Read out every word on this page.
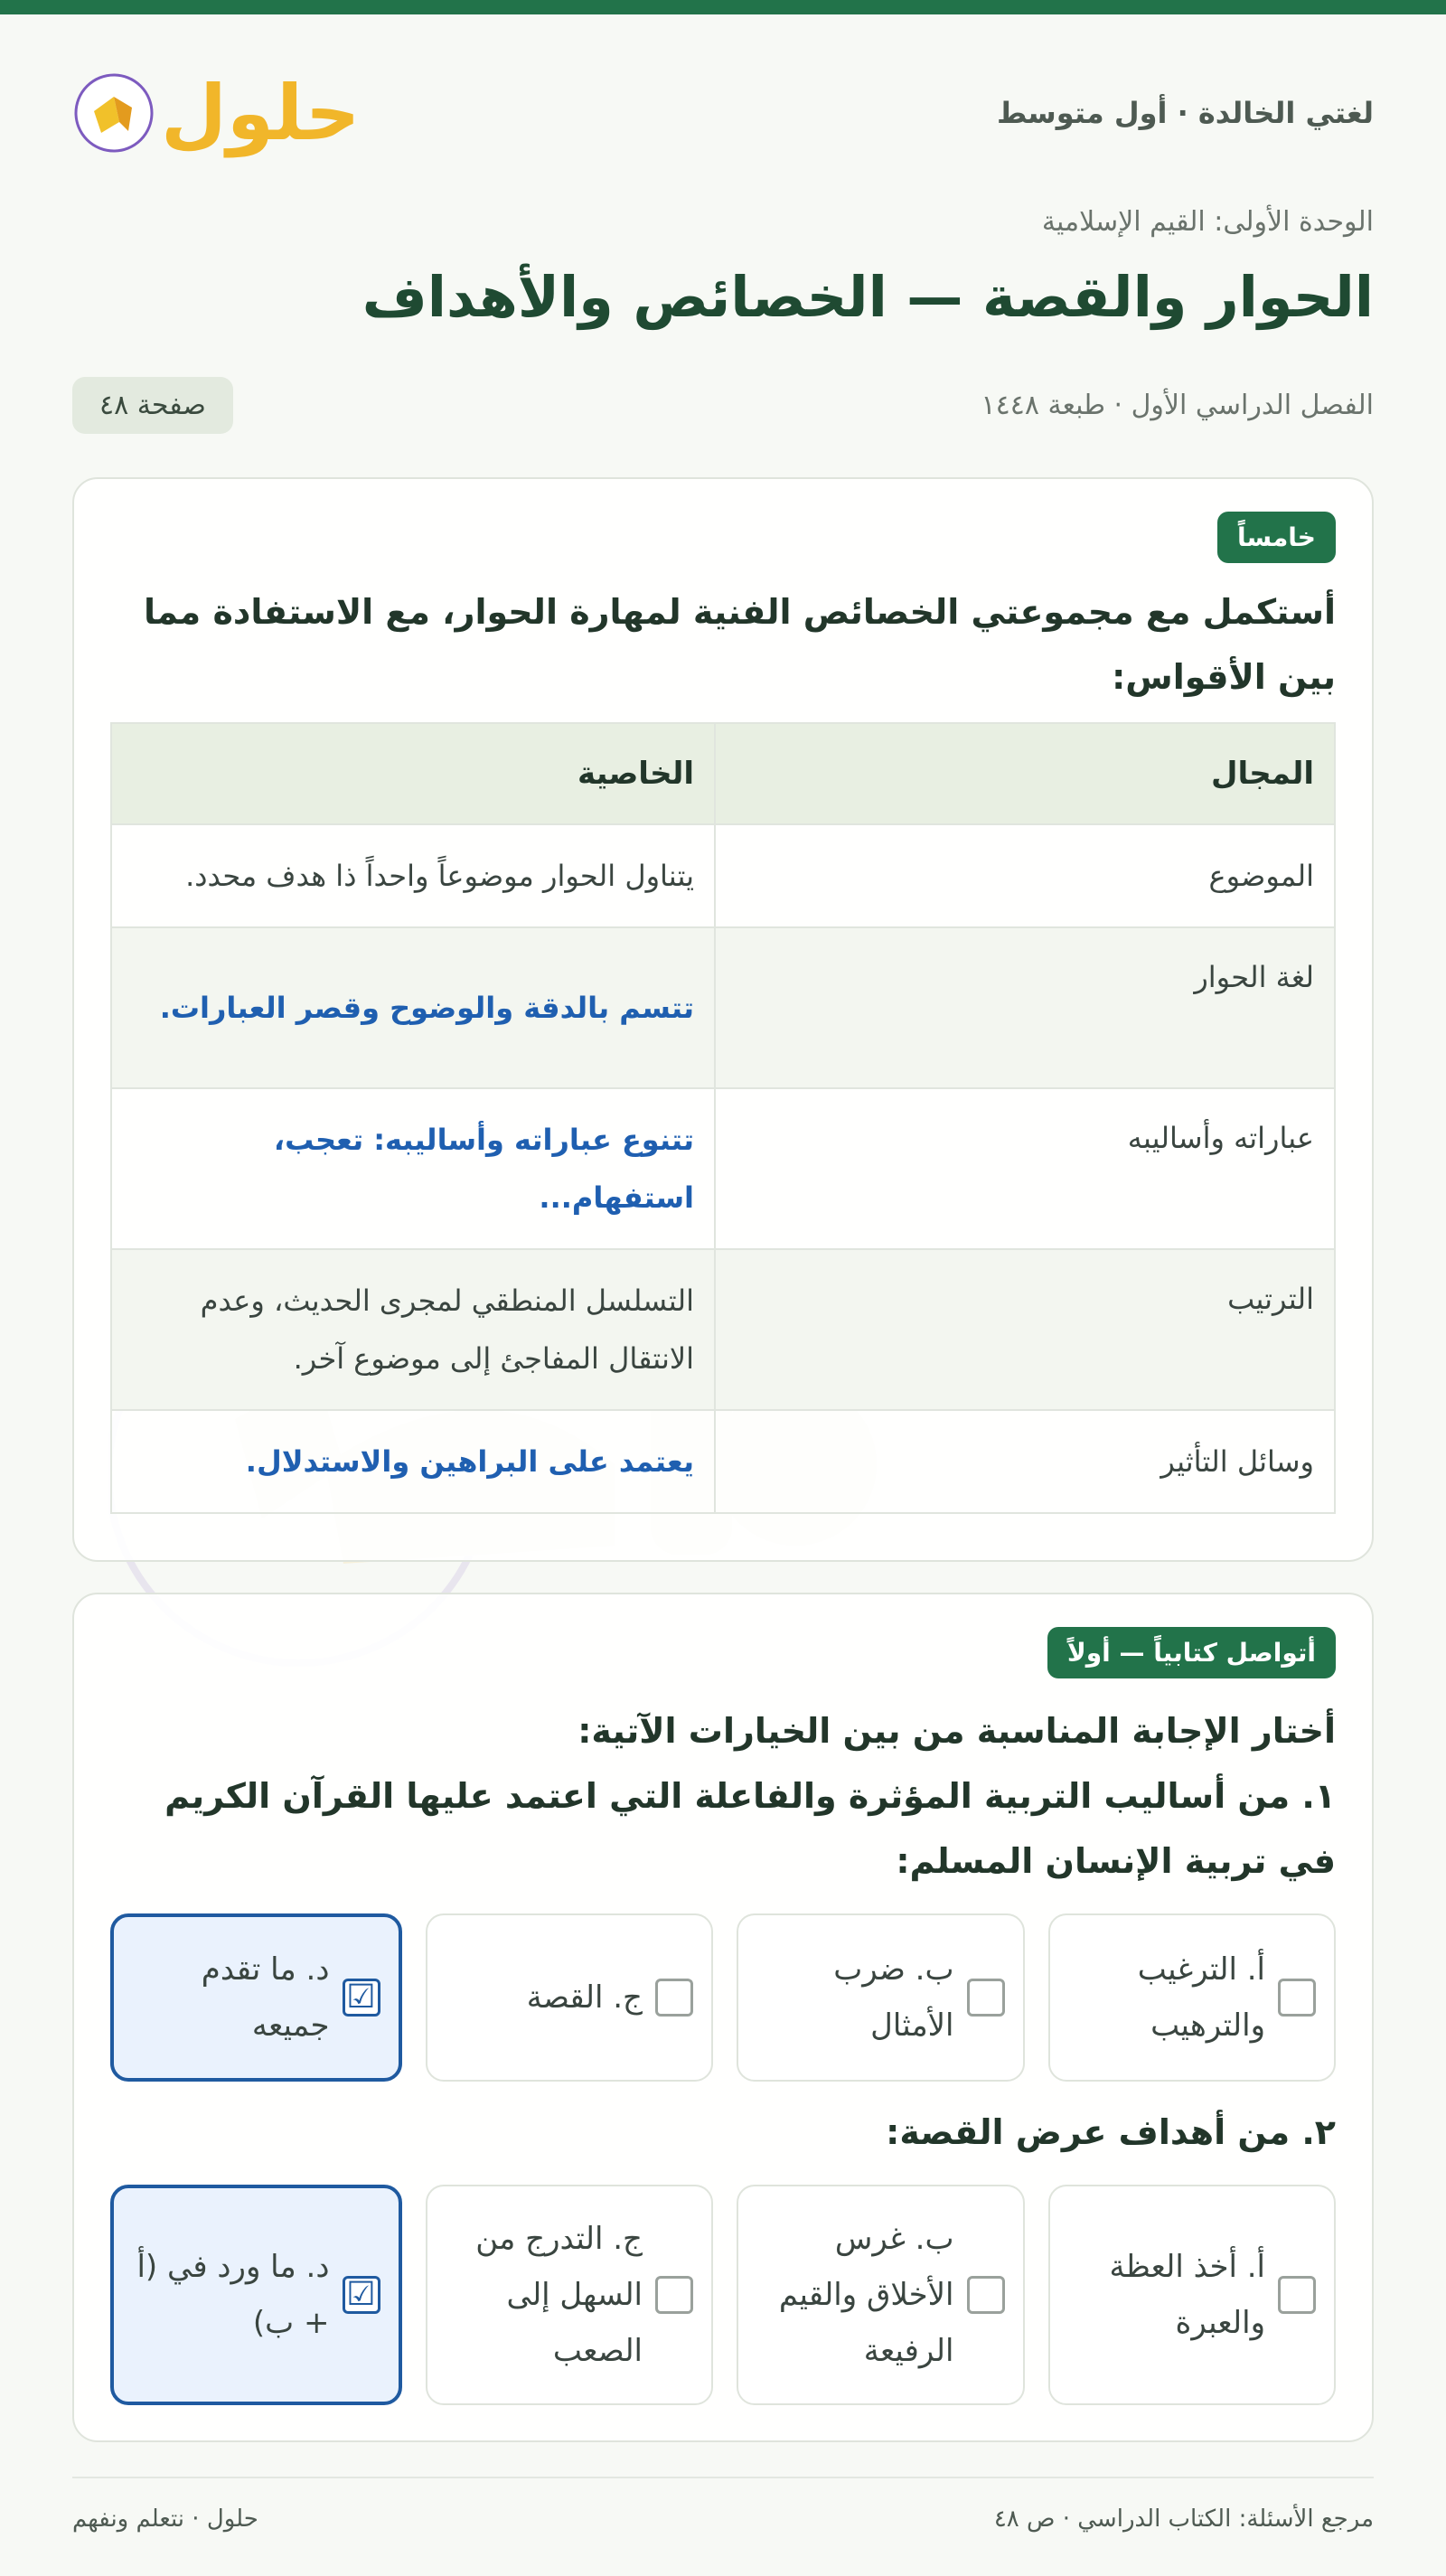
لغتي الخالدة · أول متوسط
حلول
الوحدة الأولى: القيم الإسلامية
الحوار والقصة — الخصائص والأهداف
الفصل الدراسي الأول · طبعة ١٤٤٨
صفحة ٤٨
خامساً
أستكمل مع مجموعتي الخصائص الفنية لمهارة الحوار، مع الاستفادة مما بين الأقواس:
المجال	الخاصية
الموضوع	يتناول الحوار موضوعاً واحداً ذا هدف محدد.
لغة الحوار	تتسم بالدقة والوضوح وقصر العبارات.
عباراته وأساليبه	تتنوع عباراته وأساليبه: تعجب، استفهام...
الترتيب	التسلسل المنطقي لمجرى الحديث، وعدم الانتقال المفاجئ إلى موضوع آخر.
وسائل التأثير	يعتمد على البراهين والاستدلال.
أتواصل كتابياً — أولاً
أختار الإجابة المناسبة من بين الخيارات الآتية:
١. من أساليب التربية المؤثرة والفاعلة التي اعتمد عليها القرآن الكريم في تربية الإنسان المسلم:
أ. الترغيب والترهيب
ب. ضرب الأمثال
ج. القصة
☑
د. ما تقدم جميعه
٢. من أهداف عرض القصة:
أ. أخذ العظة والعبرة
ب. غرس الأخلاق والقيم الرفيعة
ج. التدرج من السهل إلى الصعب
☑
د. ما ورد في (أ + ب)
مرجع الأسئلة: الكتاب الدراسي · ص ٤٨
حلول · نتعلم ونفهم
